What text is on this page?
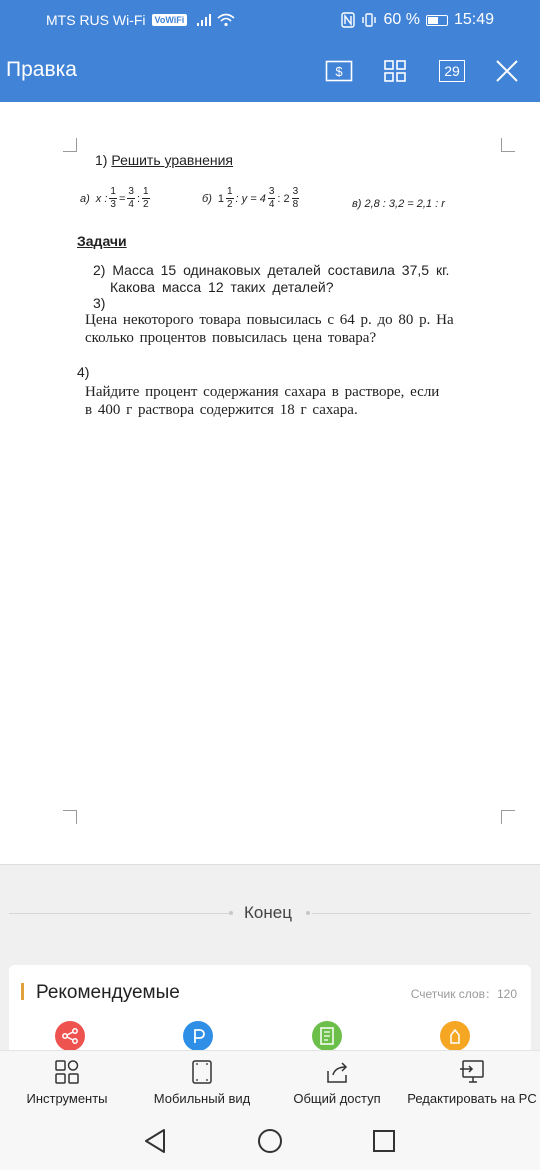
MTS RUS Wi-Fi	VoWiFi	60 % 15:49
Правка	$	29
1) Решить уравнения
а) x : $\frac{1}{3} = \frac{3}{4}$ : $\frac{1}{2}$	б) $1 \frac{1}{2}$ : $y = 4 \frac{3}{4}$ : $2 \frac{3}{8}$	в) 2,8 : 3,2 = 2,1 : r
Задачи
2) Масса 15 одинаковых деталей составила 37,5 кг.
Какова масса 12 таких деталей?
3)
Цена некоторого товара повысилась с 64 р. до 80 р. На
сколько процентов повысилась цена товара?
4)
Найдите процент содержания сахара в растворе, если
в 400 г раствора содержится 18 г сахара.
Конец
Рекомендуемые	Счетчик слов：120
Инструменты	Мобильный вид	Общий доступ Редактировать на PC
